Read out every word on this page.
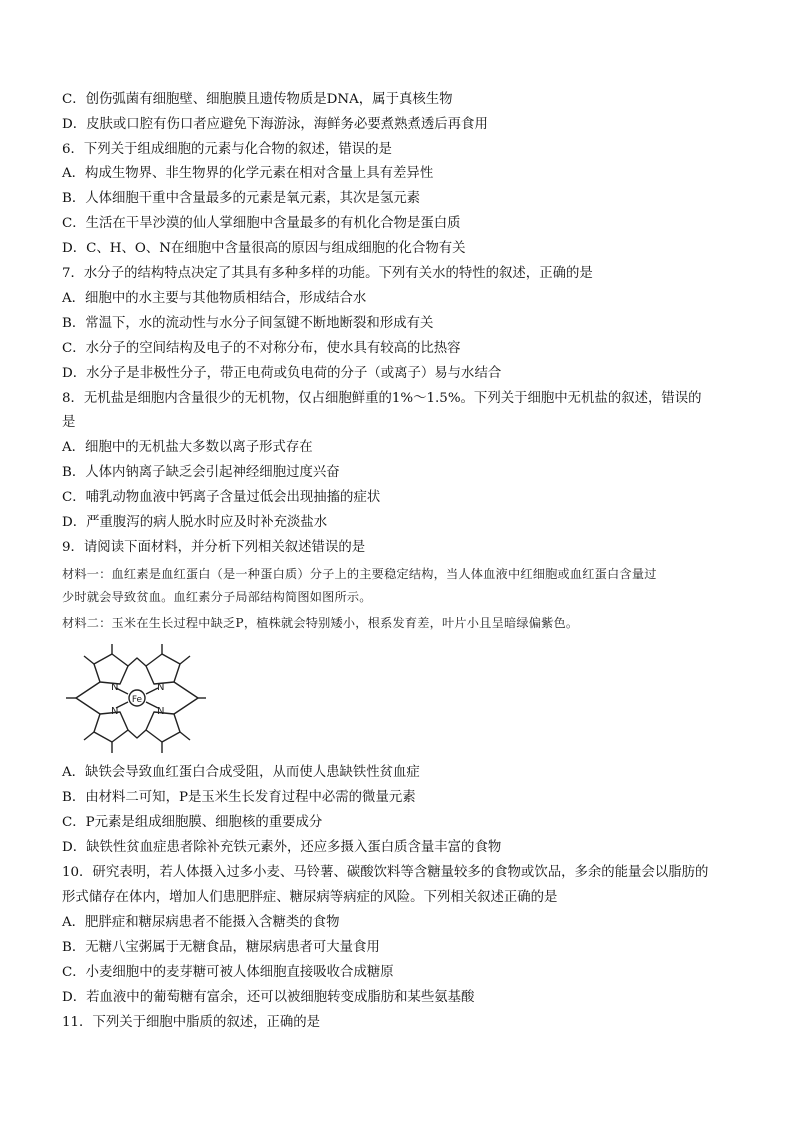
C．创伤弧菌有细胞壁、细胞膜且遗传物质是DNA，属于真核生物
D．皮肤或口腔有伤口者应避免下海游泳，海鲜务必要煮熟煮透后再食用
6．下列关于组成细胞的元素与化合物的叙述，错误的是
A．构成生物界、非生物界的化学元素在相对含量上具有差异性
B．人体细胞干重中含量最多的元素是氧元素，其次是氢元素
C．生活在干旱沙漠的仙人掌细胞中含量最多的有机化合物是蛋白质
D．C、H、O、N在细胞中含量很高的原因与组成细胞的化合物有关
7．水分子的结构特点决定了其具有多种多样的功能。下列有关水的特性的叙述，正确的是
A．细胞中的水主要与其他物质相结合，形成结合水
B．常温下，水的流动性与水分子间氢键不断地断裂和形成有关
C．水分子的空间结构及电子的不对称分布，使水具有较高的比热容
D．水分子是非极性分子，带正电荷或负电荷的分子（或离子）易与水结合
8．无机盐是细胞内含量很少的无机物，仅占细胞鲜重的1%～1.5%。下列关于细胞中无机盐的叙述，错误的
是
A．细胞中的无机盐大多数以离子形式存在
B．人体内钠离子缺乏会引起神经细胞过度兴奋
C．哺乳动物血液中钙离子含量过低会出现抽搐的症状
D．严重腹泻的病人脱水时应及时补充淡盐水
9．请阅读下面材料，并分析下列相关叙述错误的是
材料一：血红素是血红蛋白（是一种蛋白质）分子上的主要稳定结构，当人体血液中红细胞或血红蛋白含量过
少时就会导致贫血。血红素分子局部结构简图如图所示。
材料二：玉米在生长过程中缺乏P，植株就会特别矮小，根系发育差，叶片小且呈暗绿偏紫色。
Fe
N	N
N	N
A．缺铁会导致血红蛋白合成受阻，从而使人患缺铁性贫血症
B．由材料二可知，P是玉米生长发育过程中必需的微量元素
C．P元素是组成细胞膜、细胞核的重要成分
D．缺铁性贫血症患者除补充铁元素外，还应多摄入蛋白质含量丰富的食物
10．研究表明，若人体摄入过多小麦、马铃薯、碳酸饮料等含糖量较多的食物或饮品，多余的能量会以脂肪的
形式储存在体内，增加人们患肥胖症、糖尿病等病症的风险。下列相关叙述正确的是
A．肥胖症和糖尿病患者不能摄入含糖类的食物
B．无糖八宝粥属于无糖食品，糖尿病患者可大量食用
C．小麦细胞中的麦芽糖可被人体细胞直接吸收合成糖原
D．若血液中的葡萄糖有富余，还可以被细胞转变成脂肪和某些氨基酸
11．下列关于细胞中脂质的叙述，正确的是
